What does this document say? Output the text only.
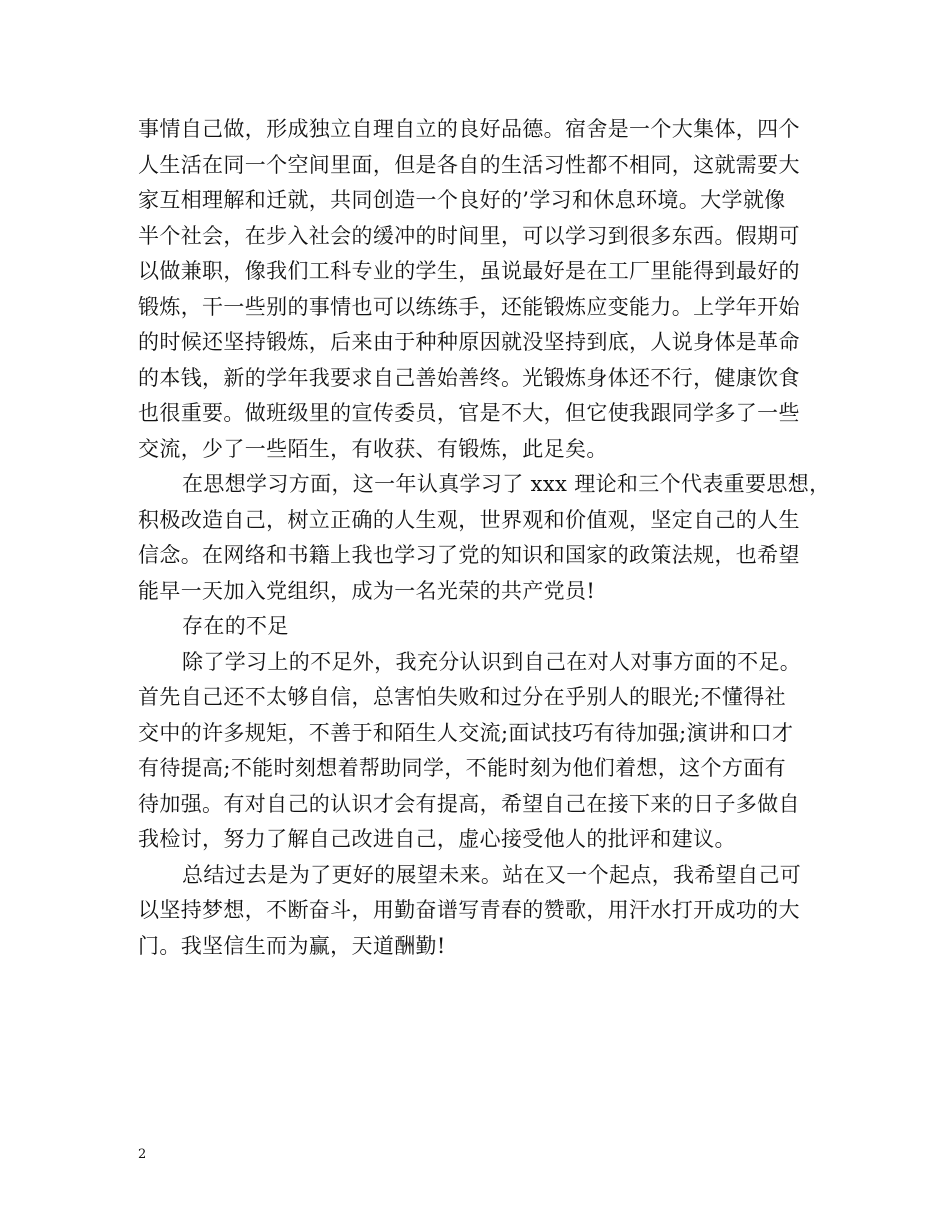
事情自己做，形成独立自理自立的良好品德。宿舍是一个大集体，四个
人生活在同一个空间里面，但是各自的生活习性都不相同，这就需要大
家互相理解和迁就，共同创造一个良好的’学习和休息环境。大学就像
半个社会，在步入社会的缓冲的时间里，可以学习到很多东西。假期可
以做兼职，像我们工科专业的学生，虽说最好是在工厂里能得到最好的
锻炼，干一些别的事情也可以练练手，还能锻炼应变能力。上学年开始
的时候还坚持锻炼，后来由于种种原因就没坚持到底，人说身体是革命
的本钱，新的学年我要求自己善始善终。光锻炼身体还不行，健康饮食
也很重要。做班级里的宣传委员，官是不大，但它使我跟同学多了一些
交流，少了一些陌生，有收获、有锻炼，此足矣。
在思想学习方面，这一年认真学习了 xxx 理论和三个代表重要思想，
积极改造自己，树立正确的人生观，世界观和价值观，坚定自己的人生
信念。在网络和书籍上我也学习了党的知识和国家的政策法规，也希望
能早一天加入党组织，成为一名光荣的共产党员!
存在的不足
除了学习上的不足外，我充分认识到自己在对人对事方面的不足。
首先自己还不太够自信，总害怕失败和过分在乎别人的眼光;不懂得社
交中的许多规矩，不善于和陌生人交流;面试技巧有待加强;演讲和口才
有待提高;不能时刻想着帮助同学，不能时刻为他们着想，这个方面有
待加强。有对自己的认识才会有提高，希望自己在接下来的日子多做自
我检讨，努力了解自己改进自己，虚心接受他人的批评和建议。
总结过去是为了更好的展望未来。站在又一个起点，我希望自己可
以坚持梦想，不断奋斗，用勤奋谱写青春的赞歌，用汗水打开成功的大
门。我坚信生而为赢，天道酬勤!
2
